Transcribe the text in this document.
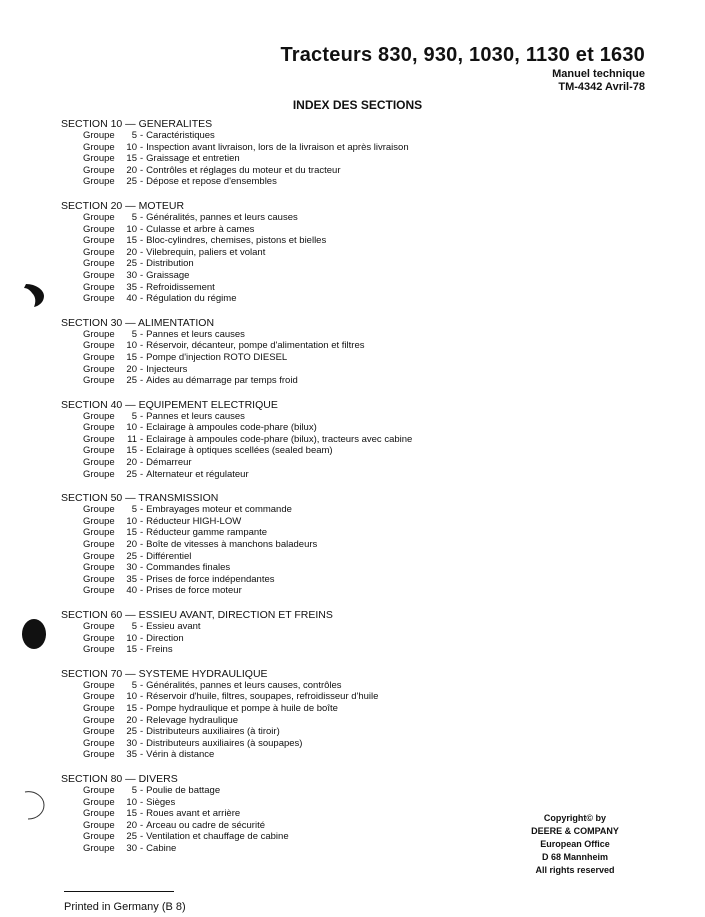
Tracteurs 830, 930, 1030, 1130 et 1630
Manuel technique
TM-4342 Avril-78
INDEX DES SECTIONS
SECTION 10 — GENERALITES
Groupe 5 - Caractéristiques
Groupe 10 - Inspection avant livraison, lors de la livraison et après livraison
Groupe 15 - Graissage et entretien
Groupe 20 - Contrôles et réglages du moteur et du tracteur
Groupe 25 - Dépose et repose d'ensembles
SECTION 20 — MOTEUR
Groupe 5 - Généralités, pannes et leurs causes
Groupe 10 - Culasse et arbre à cames
Groupe 15 - Bloc-cylindres, chemises, pistons et bielles
Groupe 20 - Vilebrequin, paliers et volant
Groupe 25 - Distribution
Groupe 30 - Graissage
Groupe 35 - Refroidissement
Groupe 40 - Régulation du régime
SECTION 30 — ALIMENTATION
Groupe 5 - Pannes et leurs causes
Groupe 10 - Réservoir, décanteur, pompe d'alimentation et filtres
Groupe 15 - Pompe d'injection ROTO DIESEL
Groupe 20 - Injecteurs
Groupe 25 - Aides au démarrage par temps froid
SECTION 40 — EQUIPEMENT ELECTRIQUE
Groupe 5 - Pannes et leurs causes
Groupe 10 - Eclairage à ampoules code-phare (bilux)
Groupe 11 - Eclairage à ampoules code-phare (bilux), tracteurs avec cabine
Groupe 15 - Eclairage à optiques scellées (sealed beam)
Groupe 20 - Démarreur
Groupe 25 - Alternateur et régulateur
SECTION 50 — TRANSMISSION
Groupe 5 - Embrayages moteur et commande
Groupe 10 - Réducteur HIGH-LOW
Groupe 15 - Réducteur gamme rampante
Groupe 20 - Boîte de vitesses à manchons baladeurs
Groupe 25 - Différentiel
Groupe 30 - Commandes finales
Groupe 35 - Prises de force indépendantes
Groupe 40 - Prises de force moteur
SECTION 60 — ESSIEU AVANT, DIRECTION ET FREINS
Groupe 5 - Essieu avant
Groupe 10 - Direction
Groupe 15 - Freins
SECTION 70 — SYSTEME HYDRAULIQUE
Groupe 5 - Généralités, pannes et leurs causes, contrôles
Groupe 10 - Réservoir d'huile, filtres, soupapes, refroidisseur d'huile
Groupe 15 - Pompe hydraulique et pompe à huile de boîte
Groupe 20 - Relevage hydraulique
Groupe 25 - Distributeurs auxiliaires (à tiroir)
Groupe 30 - Distributeurs auxiliaires (à soupapes)
Groupe 35 - Vérin à distance
SECTION 80 — DIVERS
Groupe 5 - Poulie de battage
Groupe 10 - Sièges
Groupe 15 - Roues avant et arrière
Groupe 20 - Arceau ou cadre de sécurité
Groupe 25 - Ventilation et chauffage de cabine
Groupe 30 - Cabine
Copyright© by
DEERE & COMPANY
European Office
D 68 Mannheim
All rights reserved
Printed in Germany (B 8)
